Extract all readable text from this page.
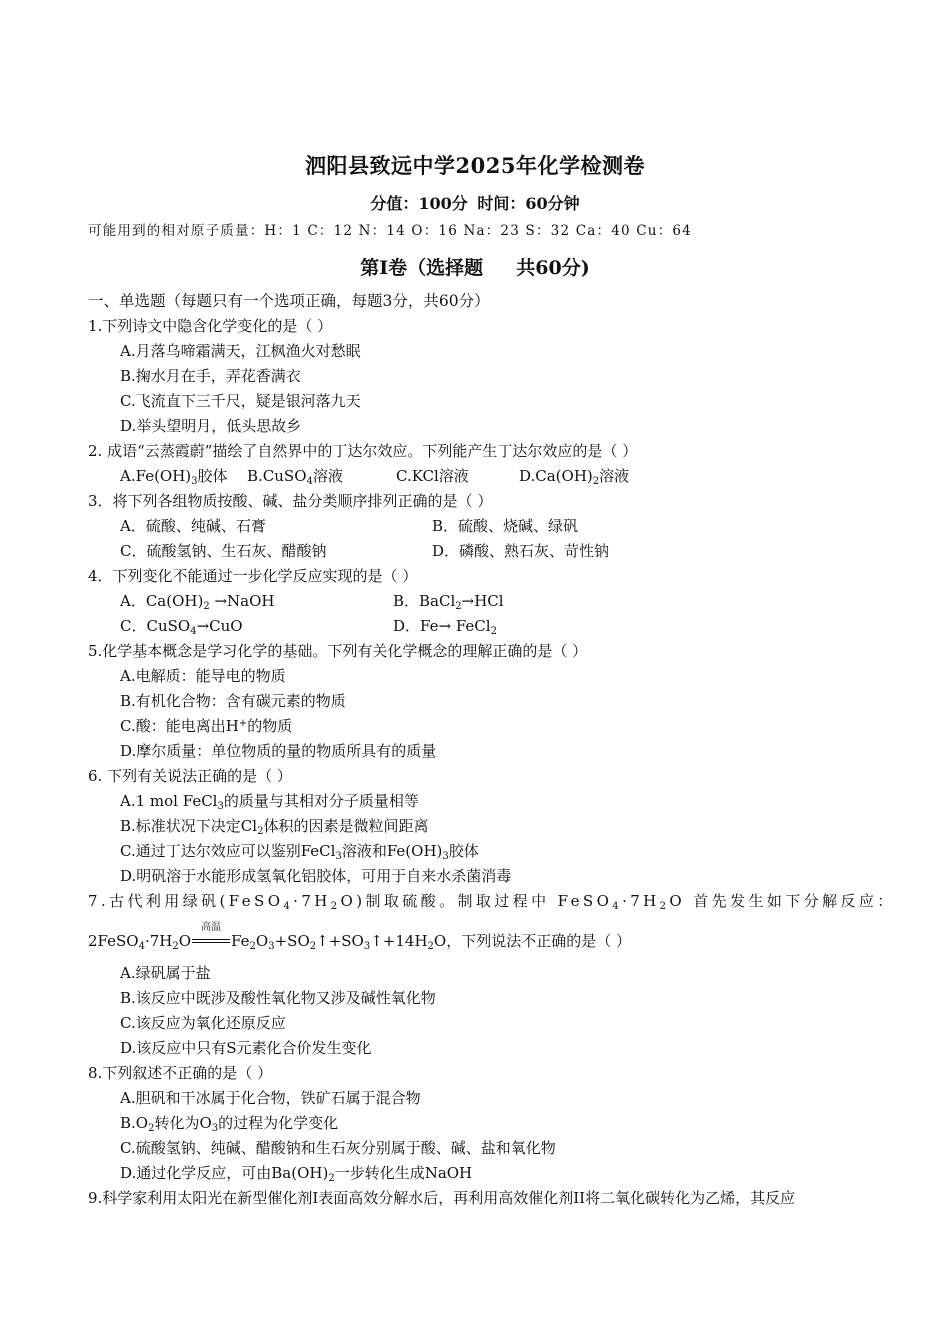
泗阳县致远中学2025年化学检测卷
分值：100分 时间：60分钟
可能用到的相对原子质量：H：1 C：12 N：14 O：16 Na：23 S：32 Ca：40 Cu：64
第Ⅰ卷（选择题     共60分)
一、单选题（每题只有一个选项正确，每题3分，共60分）
1.下列诗文中隐含化学变化的是（ ）
A.月落乌啼霜满天，江枫渔火对愁眠
B.掬水月在手，弄花香满衣
C.飞流直下三千尺，疑是银河落九天
D.举头望明月，低头思故乡
2. 成语“云蒸霞蔚”描绘了自然界中的丁达尔效应。下列能产生丁达尔效应的是（ ）
$A.Fe(OH)_3$胶体 B.CuSO$_4$溶液	C.KCl溶液	$D.Ca(OH)_2$溶液
3．将下列各组物质按酸、碱、盐分类顺序排列正确的是（ ）
A．硫酸、纯碱、石膏	B．硫酸、烧碱、绿矾
C．硫酸氢钠、生石灰、醋酸钠	D．磷酸、熟石灰、苛性钠
4．下列变化不能通过一步化学反应实现的是（ ）
A．$Ca(OH)_2$ →NaOH	B．BaCl$_2$→HCl
C．CuSO$_4$→CuO	D．Fe→ FeCl$_2$
5.化学基本概念是学习化学的基础。下列有关化学概念的理解正确的是（ ）
A.电解质：能导电的物质
B.有机化合物：含有碳元素的物质
C.酸：能电离出H+的物质
D.摩尔质量：单位物质的量的物质所具有的质量
6. 下列有关说法正确的是（ ）
A.1 mol FeCl$_3$的质量与其相对分子质量相等
B.标准状况下决定$Cl_2$体积的因素是微粒间距离
C.通过丁达尔效应可以鉴别FeCl$_3$溶液和$Fe(OH)_3$胶体
D.明矾溶于水能形成氢氧化铝胶体，可用于自来水杀菌消毒
7.古代利用绿矾$(FeSO_4\cdot 7H_2O)$制取硫酸。制取过程中 $FeSO_4\cdot 7H_2O$ 首先发生如下分解反应：
$2FeSO_4\cdot 7H_2O$
高温
$Fe_2O_3+SO_2↑+SO_3↑+14H_2O$，下列说法不正确的是（ ）
A.绿矾属于盐
B.该反应中既涉及酸性氧化物又涉及碱性氧化物
C.该反应为氧化还原反应
D.该反应中只有S元素化合价发生变化
8.下列叙述不正确的是（ ）
A.胆矾和干冰属于化合物，铁矿石属于混合物
$B.O_2$转化为$O_3$的过程为化学变化
C.硫酸氢钠、纯碱、醋酸钠和生石灰分别属于酸、碱、盐和氧化物
D.通过化学反应，可由$Ba(OH)_2$一步转化生成NaOH
9.科学家利用太阳光在新型催化剂I表面高效分解水后，再利用高效催化剂II将二氧化碳转化为乙烯，其反应
